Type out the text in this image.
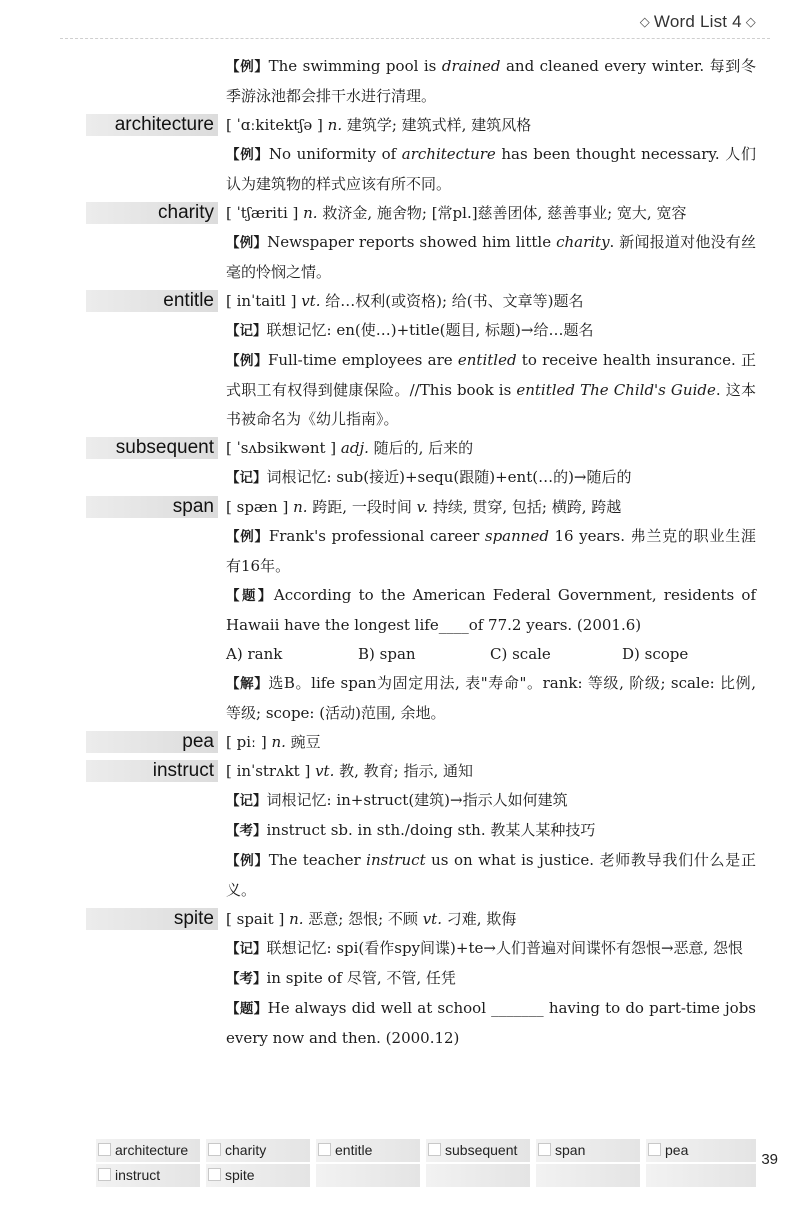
◇ Word List 4 ◇
【例】The swimming pool is drained and cleaned every winter. 每到冬季游泳池都会排干水进行清理。
architecture [ ˈɑːkitektʃə ] n. 建筑学; 建筑式样, 建筑风格
【例】No uniformity of architecture has been thought necessary. 人们认为建筑物的样式应该有所不同。
charity [ ˈtʃæriti ] n. 救济金, 施舍物; [常pl.]慈善团体, 慈善事业; 宽大, 宽容
【例】Newspaper reports showed him little charity. 新闻报道对他没有丝毫的怜悯之情。
entitle [ inˈtaitl ] vt. 给…权利(或资格); 给(书、文章等)题名
【记】联想记忆: en(使…)+title(题目, 标题)→给…题名
【例】Full-time employees are entitled to receive health insurance. 正式职工有权得到健康保险。//This book is entitled The Child's Guide. 这本书被命名为《幼儿指南》。
subsequent [ ˈsʌbsikwənt ] adj. 随后的, 后来的
【记】词根记忆: sub(接近)+sequ(跟随)+ent(…的)→随后的
span [ spæn ] n. 跨距, 一段时间 v. 持续, 贯穿, 包括; 横跨, 跨越
【例】Frank's professional career spanned 16 years. 弗兰克的职业生涯有16年。
【题】According to the American Federal Government, residents of Hawaii have the longest life____of 77.2 years. (2001.6)
A) rank	B) span	C) scale	D) scope
【解】选B。life span为固定用法, 表"寿命"。rank: 等级, 阶级; scale: 比例, 等级; scope: (活动)范围, 余地。
pea [ piː ] n. 豌豆
instruct [ inˈstrʌkt ] vt. 教, 教育; 指示, 通知
【记】词根记忆: in+struct(建筑)→指示人如何建筑
【考】instruct sb. in sth./doing sth. 教某人某种技巧
【例】The teacher instruct us on what is justice. 老师教导我们什么是正义。
spite [ spait ] n. 恶意; 怨恨; 不顾 vt. 刁难, 欺侮
【记】联想记忆: spi(看作spy间谍)+te→人们普遍对间谍怀有怨恨→恶意, 怨恨
【考】in spite of 尽管, 不管, 任凭
【题】He always did well at school _______ having to do part-time jobs every now and then. (2000.12)
architecture	charity	entitle	subsequent	span	pea
instruct	spite
39
